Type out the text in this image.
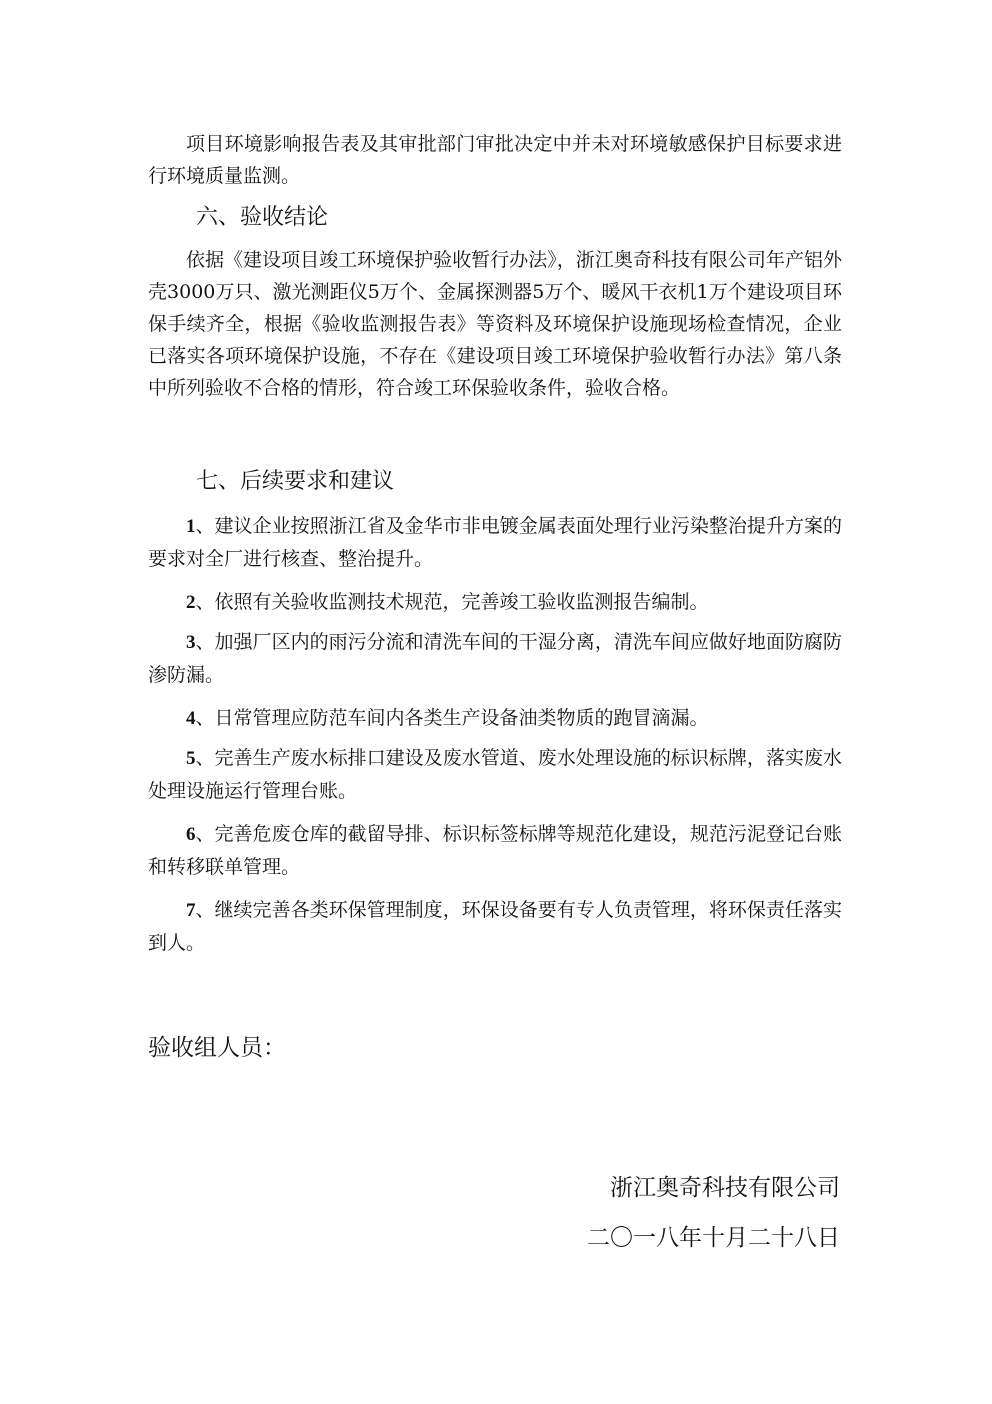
项目环境影响报告表及其审批部门审批决定中并未对环境敏感保护目标要求进行环境质量监测。

六、验收结论

依据《建设项目竣工环境保护验收暂行办法》，浙江奥奇科技有限公司年产铝外壳3000万只、激光测距仪5万个、金属探测器5万个、暖风干衣机1万个建设项目环保手续齐全，根据《验收监测报告表》等资料及环境保护设施现场检查情况，企业已落实各项环境保护设施，不存在《建设项目竣工环境保护验收暂行办法》第八条中所列验收不合格的情形，符合竣工环保验收条件，验收合格。

七、后续要求和建议

1、建议企业按照浙江省及金华市非电镀金属表面处理行业污染整治提升方案的要求对全厂进行核查、整治提升。

2、依照有关验收监测技术规范，完善竣工验收监测报告编制。

3、加强厂区内的雨污分流和清洗车间的干湿分离，清洗车间应做好地面防腐防渗防漏。

4、日常管理应防范车间内各类生产设备油类物质的跑冒滴漏。

5、完善生产废水标排口建设及废水管道、废水处理设施的标识标牌，落实废水处理设施运行管理台账。

6、完善危废仓库的截留导排、标识标签标牌等规范化建设，规范污泥登记台账和转移联单管理。

7、继续完善各类环保管理制度，环保设备要有专人负责管理，将环保责任落实到人。

验收组人员：

浙江奥奇科技有限公司

二〇一八年十月二十八日
